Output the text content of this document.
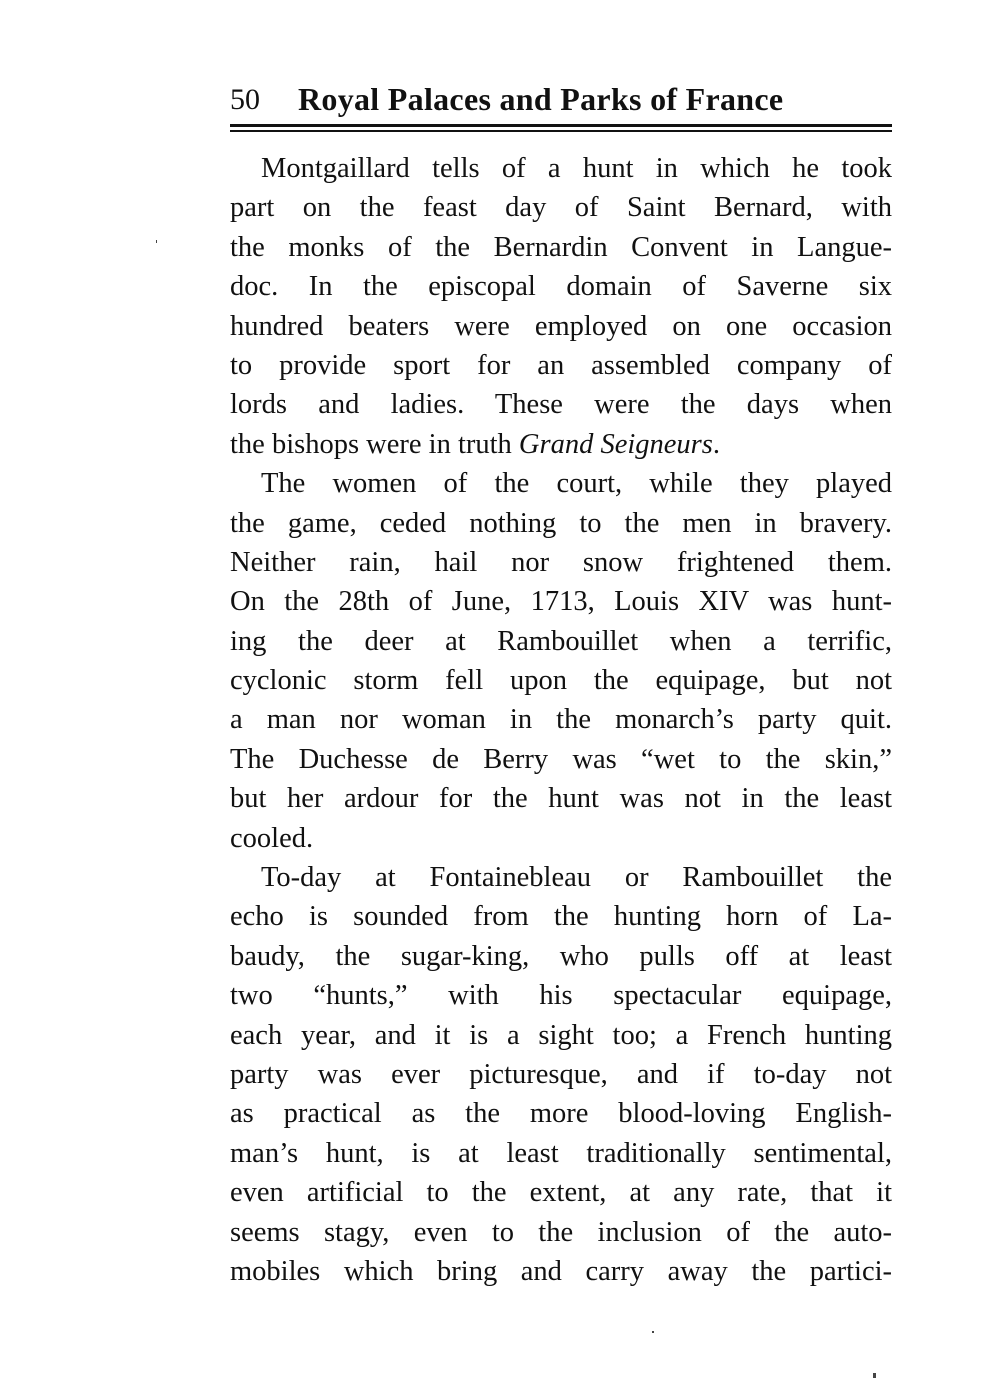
50 Royal Palaces and Parks of France
Montgaillard tells of a hunt in which he took
part on the feast day of Saint Bernard, with
the monks of the Bernardin Convent in Langue-
doc. In the episcopal domain of Saverne six
hundred beaters were employed on one occasion
to provide sport for an assembled company of
lords and ladies. These were the days when
the bishops were in truth Grand Seigneurs.
The women of the court, while they played
the game, ceded nothing to the men in bravery.
Neither rain, hail nor snow frightened them.
On the 28th of June, 1713, Louis XIV was hunt-
ing the deer at Rambouillet when a terrific,
cyclonic storm fell upon the equipage, but not
a man nor woman in the monarch’s party quit.
The Duchesse de Berry was “wet to the skin,”
but her ardour for the hunt was not in the least
cooled.
To-day at Fontainebleau or Rambouillet the
echo is sounded from the hunting horn of La-
baudy, the sugar-king, who pulls off at least
two “hunts,” with his spectacular equipage,
each year, and it is a sight too; a French hunting
party was ever picturesque, and if to-day not
as practical as the more blood-loving English-
man’s hunt, is at least traditionally sentimental,
even artificial to the extent, at any rate, that it
seems stagy, even to the inclusion of the auto-
mobiles which bring and carry away the partici-
